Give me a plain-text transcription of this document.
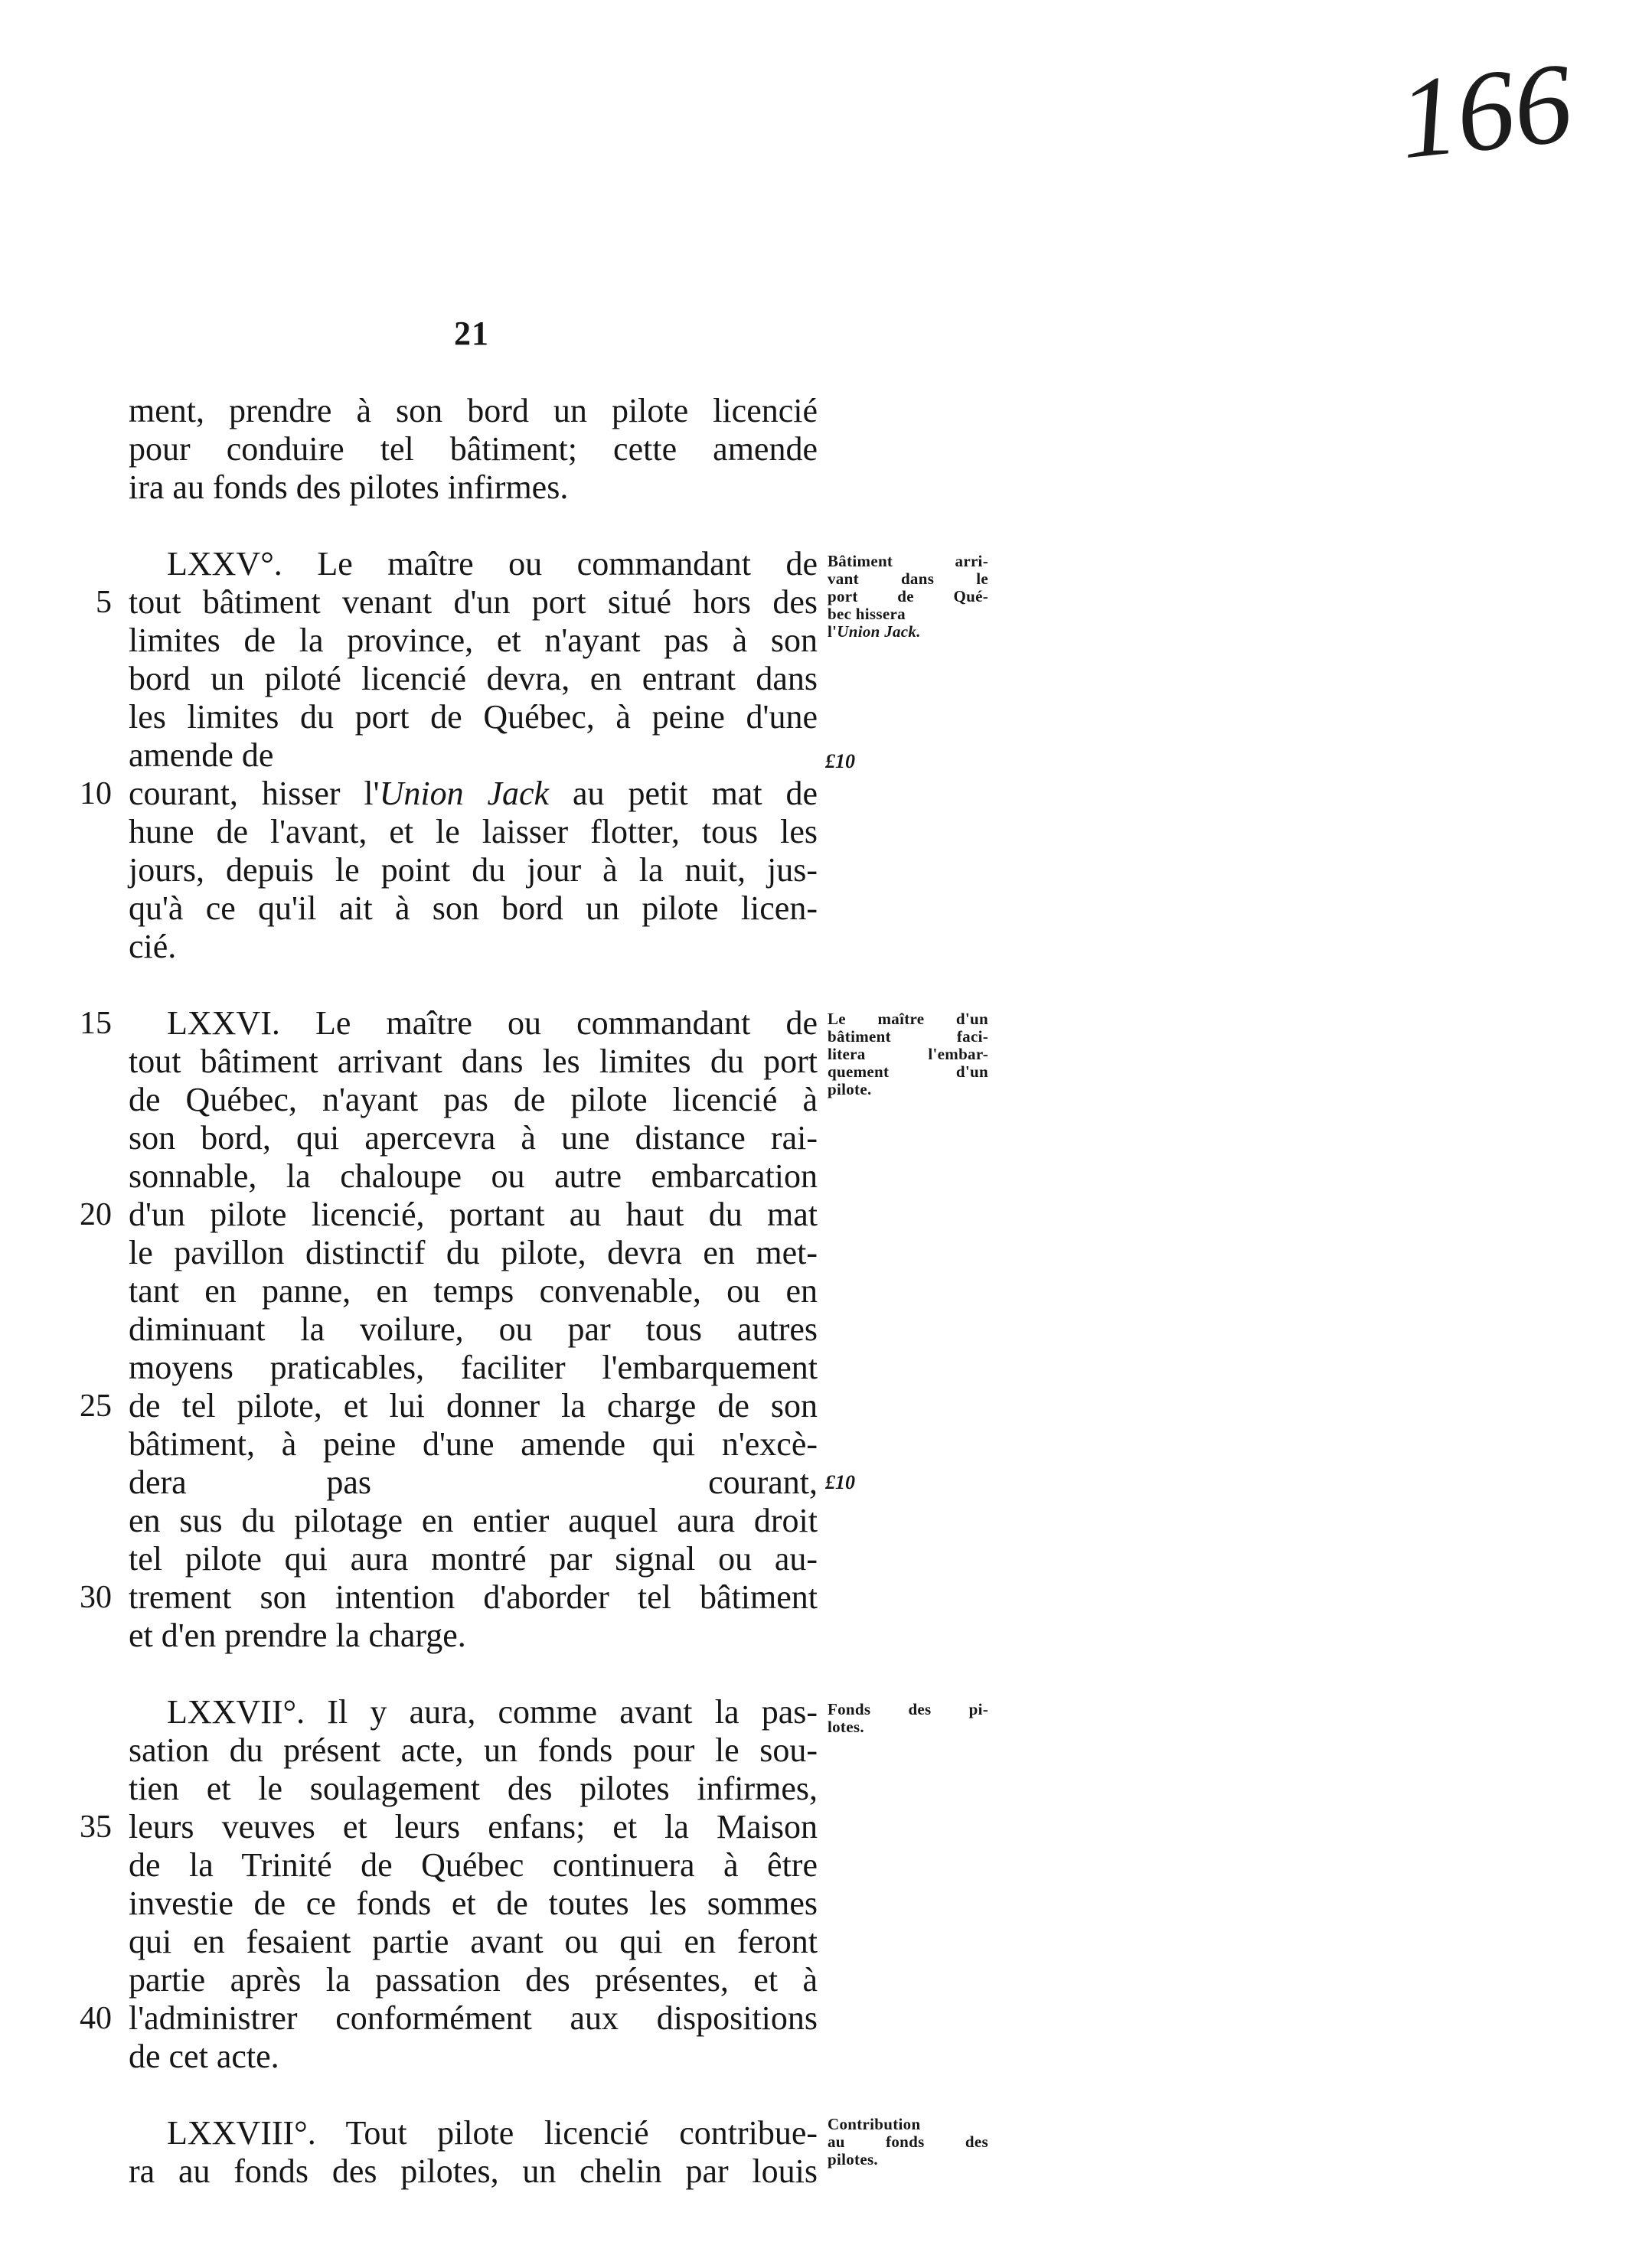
166
21
ment, prendre à son bord un pilote licencié
pour conduire tel bâtiment; cette amende
ira au fonds des pilotes infirmes.
LXXV°. Le maître ou commandant de
tout bâtiment venant d'un port situé hors des
limites de la province, et n'ayant pas à son
bord un piloté licencié devra, en entrant dans
les limites du port de Québec, à peine d'une
amende de
courant, hisser l'Union Jack au petit mat de
hune de l'avant, et le laisser flotter, tous les
jours, depuis le point du jour à la nuit, jus-
qu'à ce qu'il ait à son bord un pilote licen-
cié.
LXXVI. Le maître ou commandant de
tout bâtiment arrivant dans les limites du port
de Québec, n'ayant pas de pilote licencié à
son bord, qui apercevra à une distance rai-
sonnable, la chaloupe ou autre embarcation
d'un pilote licencié, portant au haut du mat
le pavillon distinctif du pilote, devra en met-
tant en panne, en temps convenable, ou en
diminuant la voilure, ou par tous autres
moyens praticables, faciliter l'embarquement
de tel pilote, et lui donner la charge de son
bâtiment, à peine d'une amende qui n'excè-
dera pas	courant,
en sus du pilotage en entier auquel aura droit
tel pilote qui aura montré par signal ou au-
trement son intention d'aborder tel bâtiment
et d'en prendre la charge.
LXXVII°. Il y aura, comme avant la pas-
sation du présent acte, un fonds pour le sou-
tien et le soulagement des pilotes infirmes,
leurs veuves et leurs enfans; et la Maison
de la Trinité de Québec continuera à être
investie de ce fonds et de toutes les sommes
qui en fesaient partie avant ou qui en feront
partie après la passation des présentes, et à
l'administrer conformément aux dispositions
de cet acte.
LXXVIII°. Tout pilote licencié contribue-
ra au fonds des pilotes, un chelin par louis
5
10
15
20
25
30
35
40
Bâtiment arri-
vant dans le
port de Qué-
bec hissera
l'Union Jack.
Le maître d'un
bâtiment faci-
litera l'embar-
quement d'un
pilote.
Fonds des pi-
lotes.
Contribution
au fonds des
pilotes.
£10
£10
